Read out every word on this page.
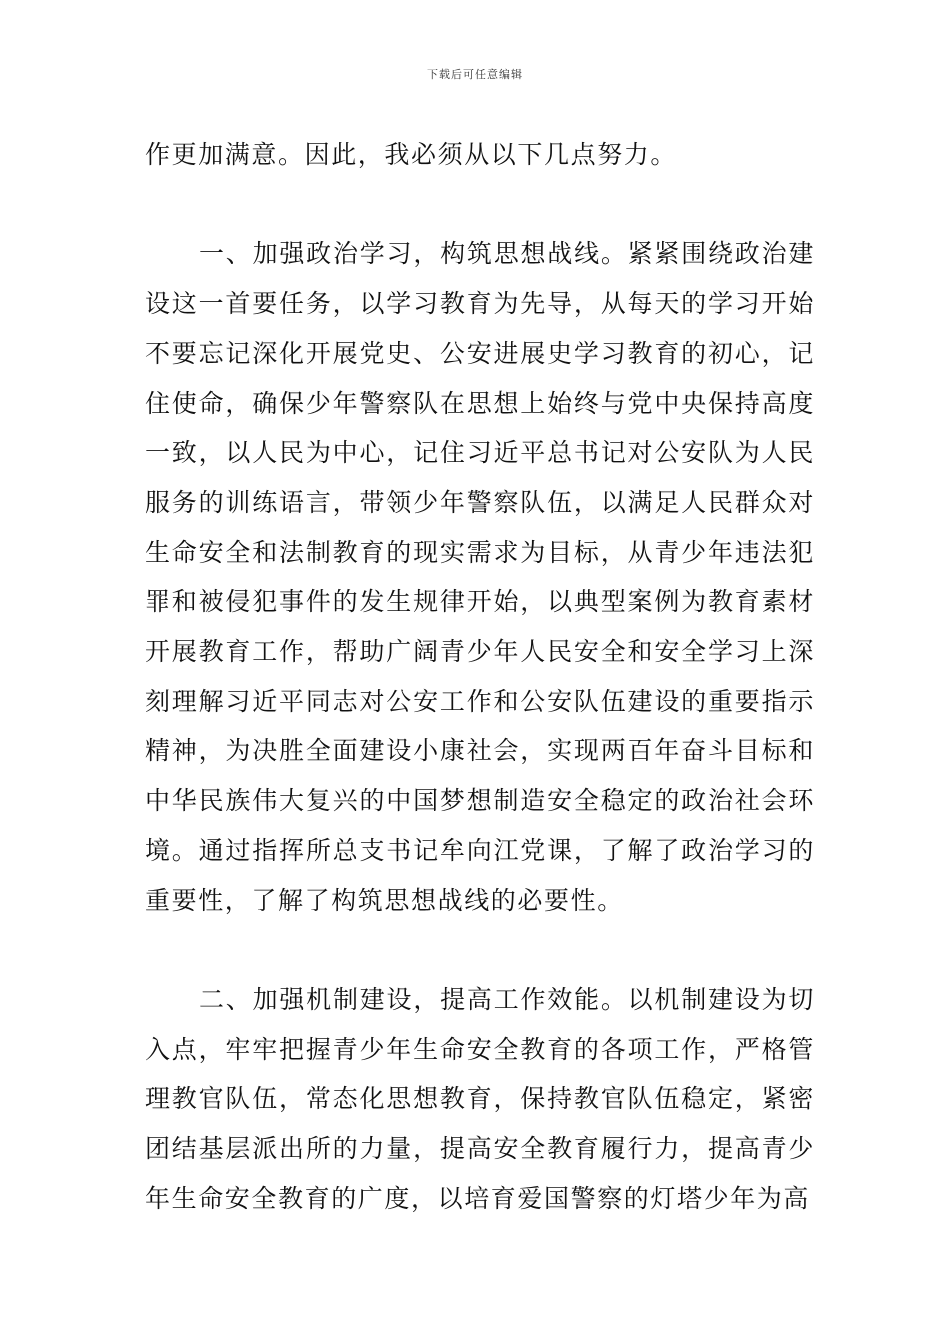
下载后可任意编辑

作更加满意。因此，我必须从以下几点努力。

一、加强政治学习，构筑思想战线。紧紧围绕政治建设这一首要任务，以学习教育为先导，从每天的学习开始不要忘记深化开展党史、公安进展史学习教育的初心，记住使命，确保少年警察队在思想上始终与党中央保持高度一致，以人民为中心，记住习近平总书记对公安队为人民服务的训练语言，带领少年警察队伍，以满足人民群众对生命安全和法制教育的现实需求为目标，从青少年违法犯罪和被侵犯事件的发生规律开始，以典型案例为教育素材开展教育工作，帮助广阔青少年人民安全和安全学习上深刻理解习近平同志对公安工作和公安队伍建设的重要指示精神，为决胜全面建设小康社会，实现两百年奋斗目标和中华民族伟大复兴的中国梦想制造安全稳定的政治社会环境。通过指挥所总支书记牟向江党课，了解了政治学习的重要性，了解了构筑思想战线的必要性。

二、加强机制建设，提高工作效能。以机制建设为切入点，牢牢把握青少年生命安全教育的各项工作，严格管理教官队伍，常态化思想教育，保持教官队伍稳定，紧密团结基层派出所的力量，提高安全教育履行力，提高青少年生命安全教育的广度，以培育爱国警察的灯塔少年为高
